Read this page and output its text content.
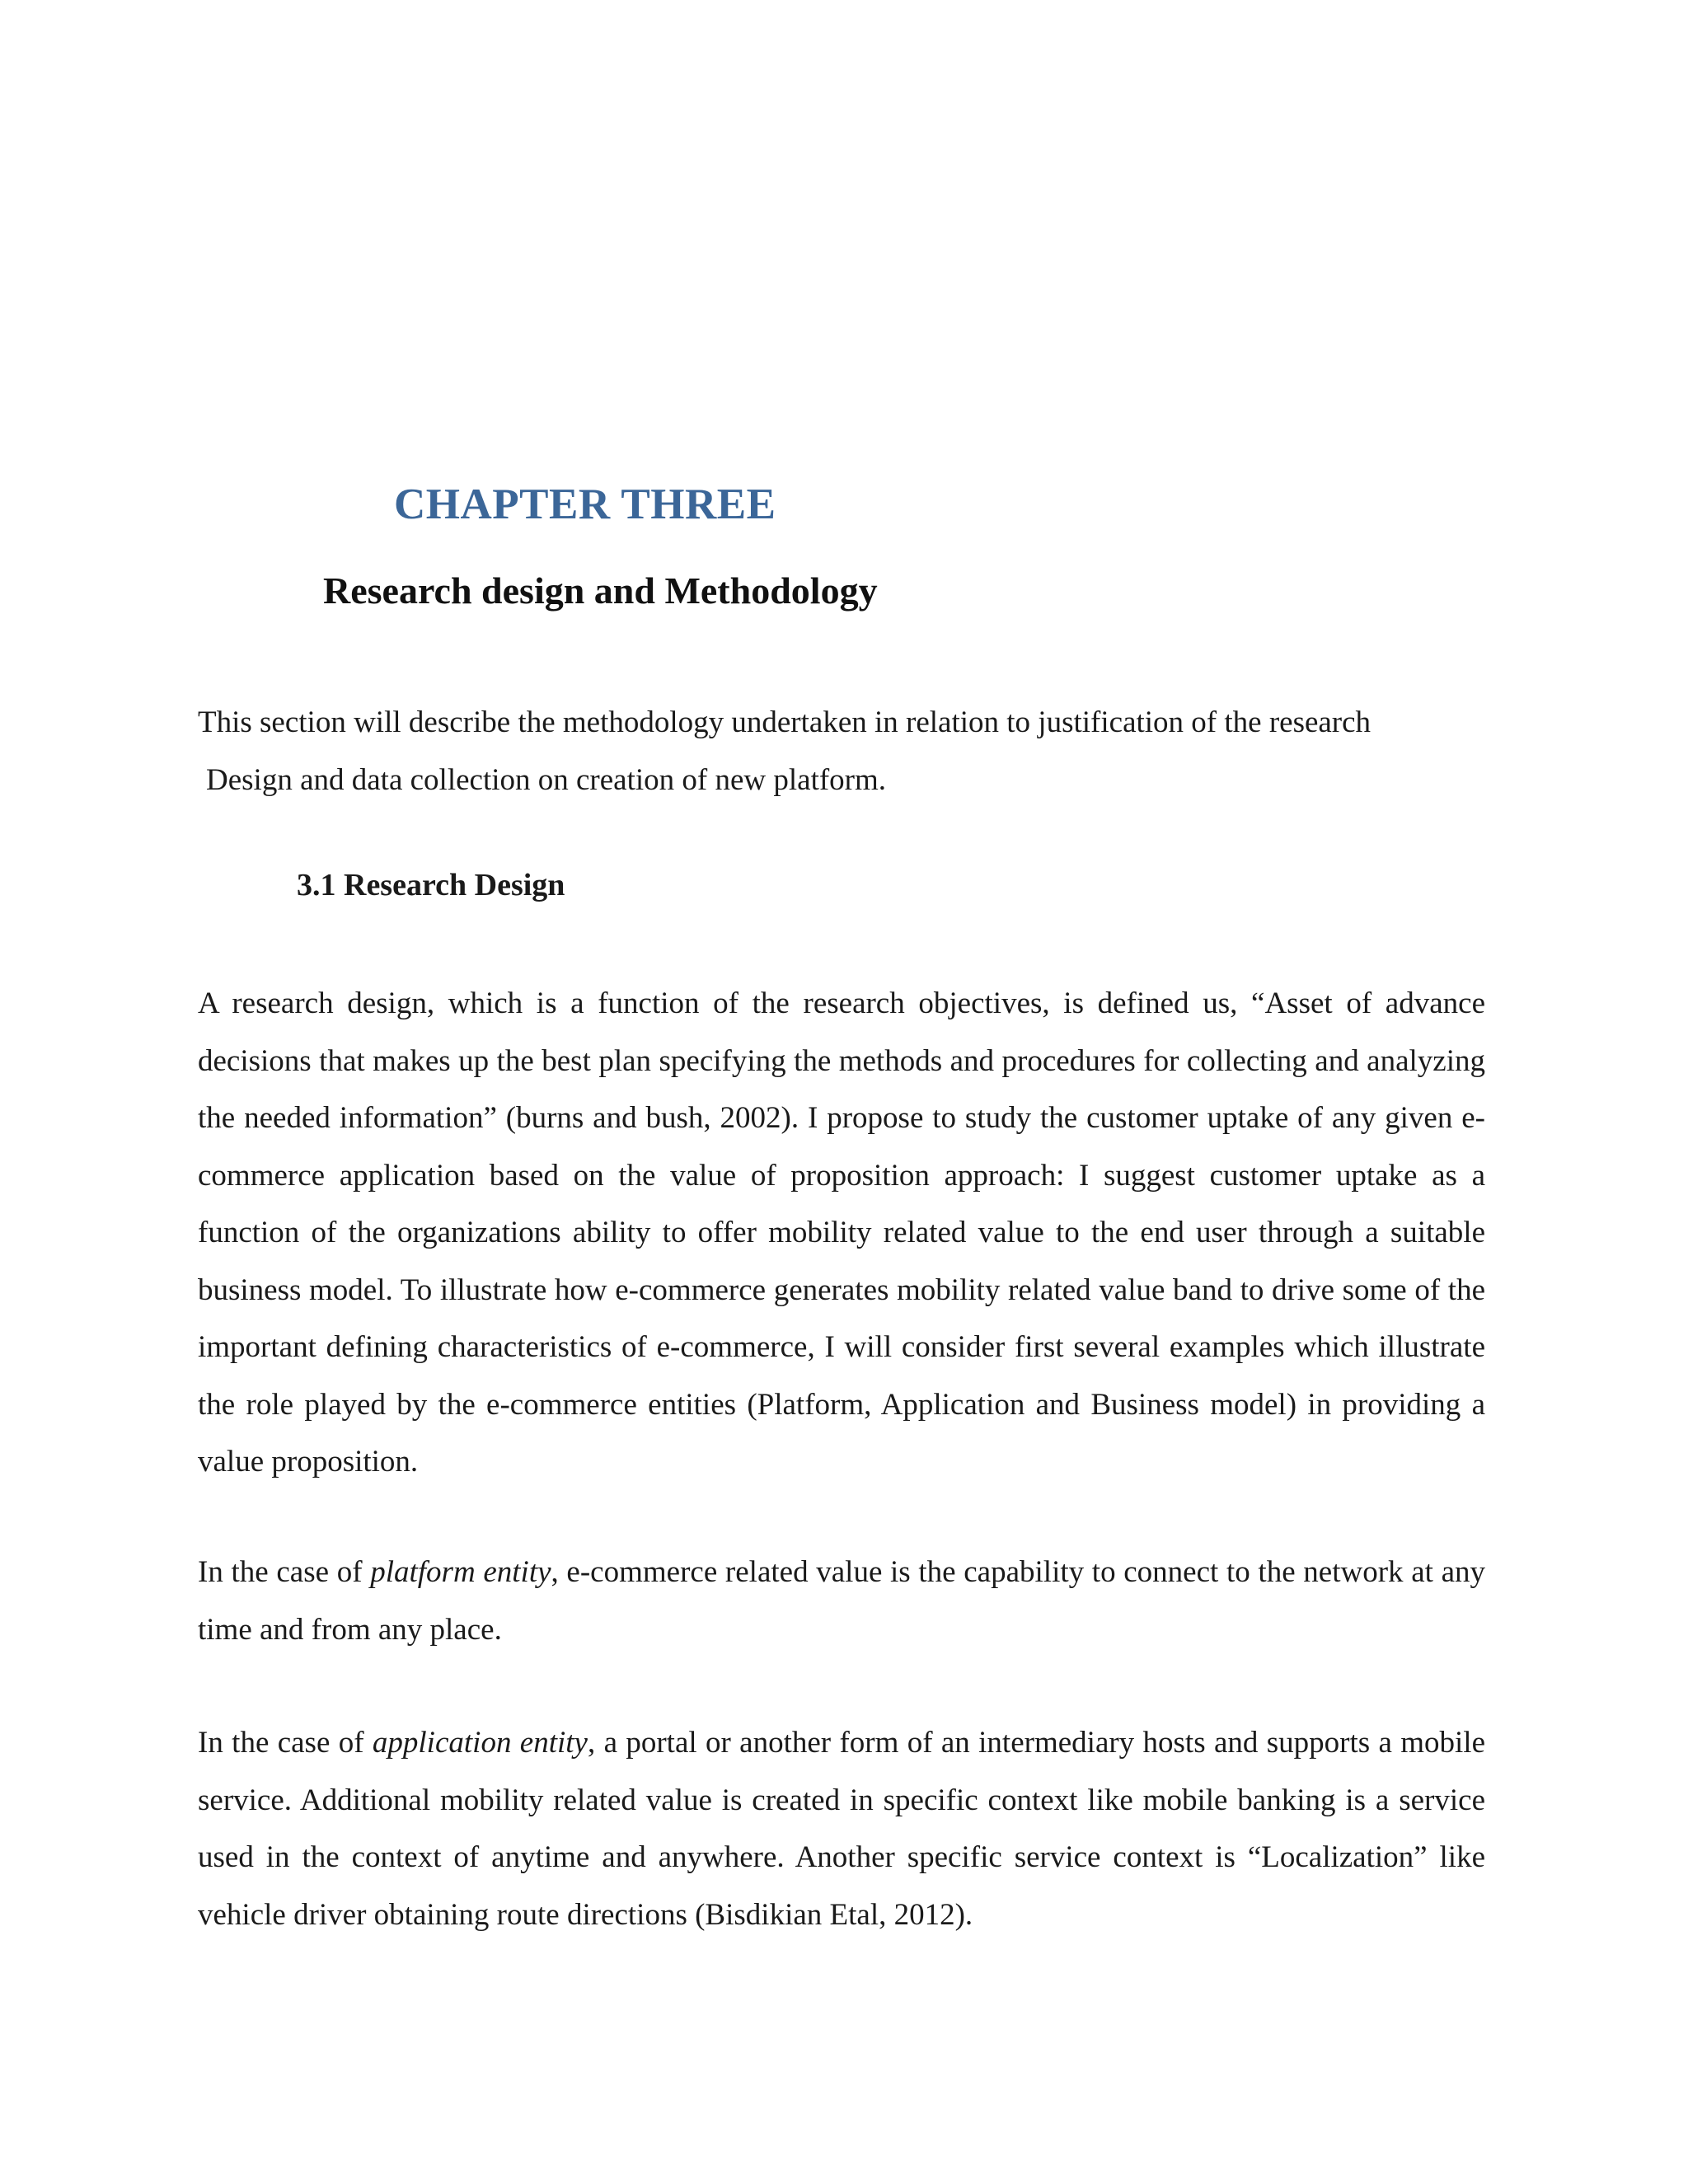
CHAPTER THREE
Research design and Methodology
This section will describe the methodology undertaken in relation to justification of the research
Design and data collection on creation of new platform.
3.1 Research Design

A research design, which is a function of the research objectives, is defined us, “Asset of advance decisions that makes up the best plan specifying the methods and procedures for collecting and analyzing the needed information” (burns and bush, 2002). I propose to study the customer uptake of any given e-commerce application based on the value of proposition approach: I suggest customer uptake as a function of the organizations ability to offer mobility related value to the end user through a suitable business model. To illustrate how e-commerce generates mobility related value band to drive some of the important defining characteristics of e-commerce, I will consider first several examples which illustrate the role played by the e-commerce entities (Platform, Application and Business model) in providing a value proposition.

In the case of platform entity, e-commerce related value is the capability to connect to the network at any time and from any place.

In the case of application entity, a portal or another form of an intermediary hosts and supports a mobile service. Additional mobility related value is created in specific context like mobile banking is a service used in the context of anytime and anywhere. Another specific service context is “Localization” like vehicle driver obtaining route directions (Bisdikian Etal, 2012).
